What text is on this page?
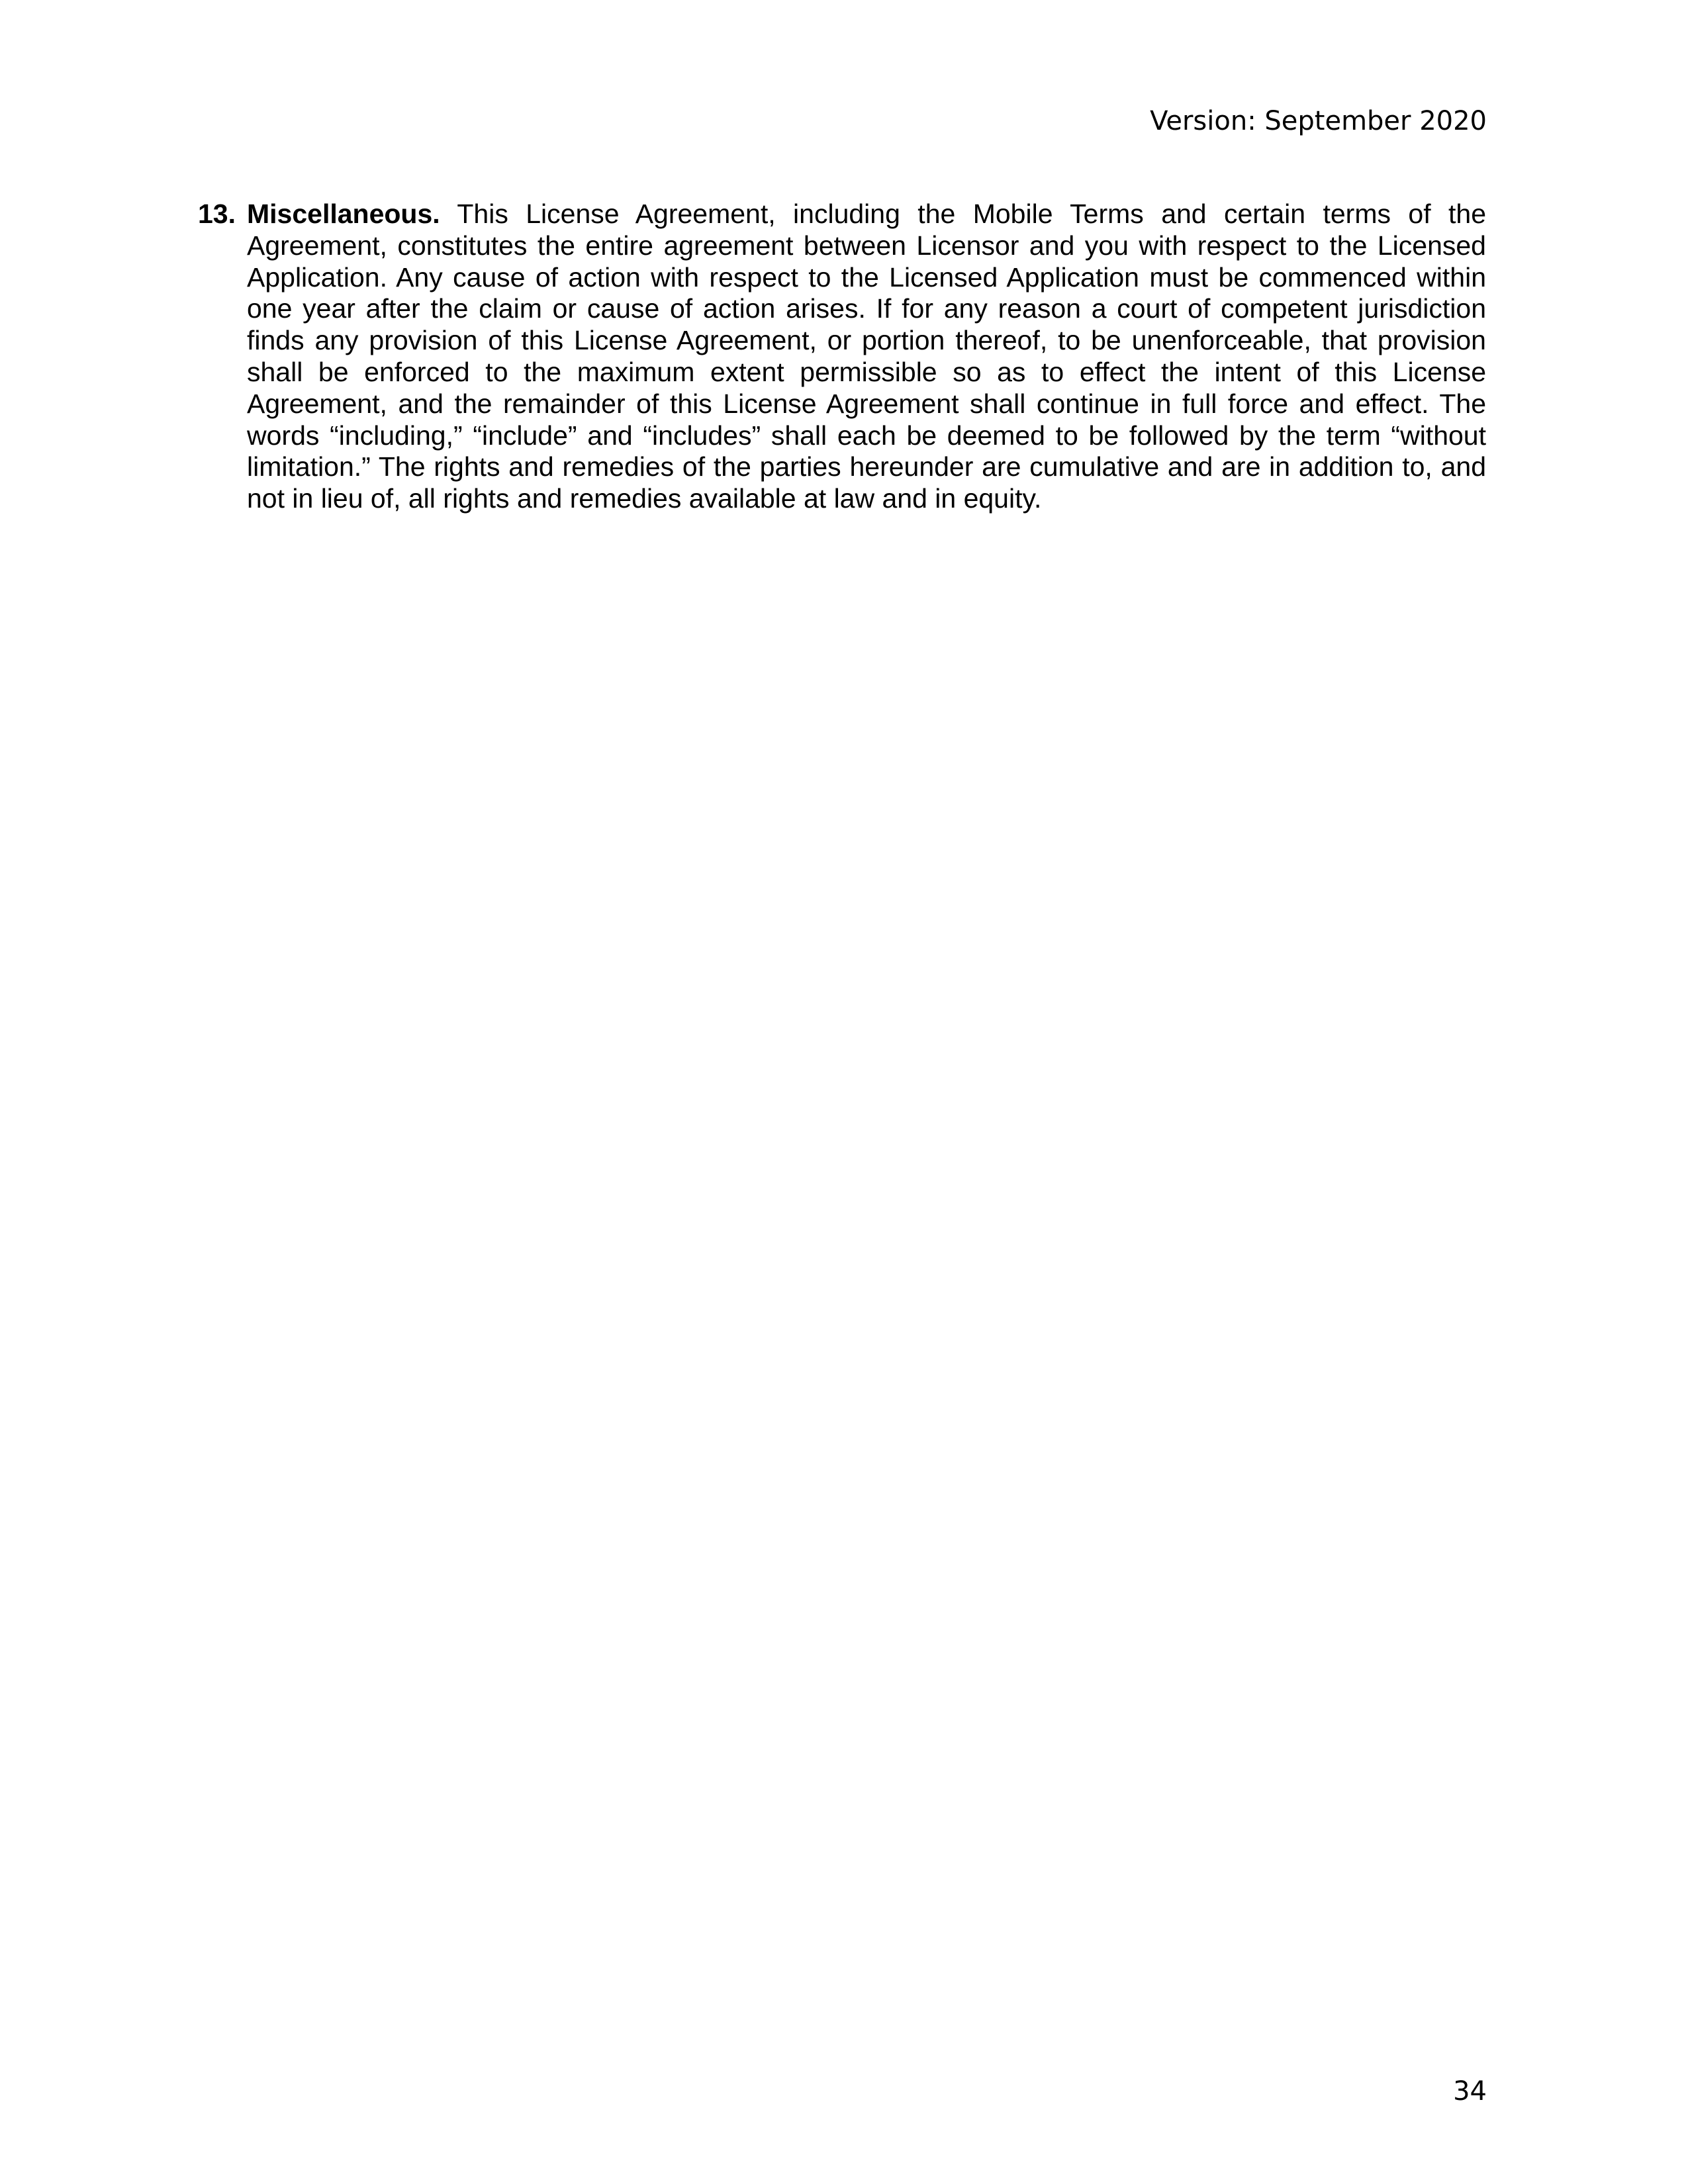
Version: September 2020
13. Miscellaneous. This License Agreement, including the Mobile Terms and certain terms of the Agreement, constitutes the entire agreement between Licensor and you with respect to the Licensed Application. Any cause of action with respect to the Licensed Application must be commenced within one year after the claim or cause of action arises. If for any reason a court of competent jurisdiction finds any provision of this License Agreement, or portion thereof, to be unenforceable, that provision shall be enforced to the maximum extent permissible so as to effect the intent of this License Agreement, and the remainder of this License Agreement shall continue in full force and effect. The words “including,” “include” and “includes” shall each be deemed to be followed by the term “without limitation.” The rights and remedies of the parties hereunder are cumulative and are in addition to, and not in lieu of, all rights and remedies available at law and in equity.
34
